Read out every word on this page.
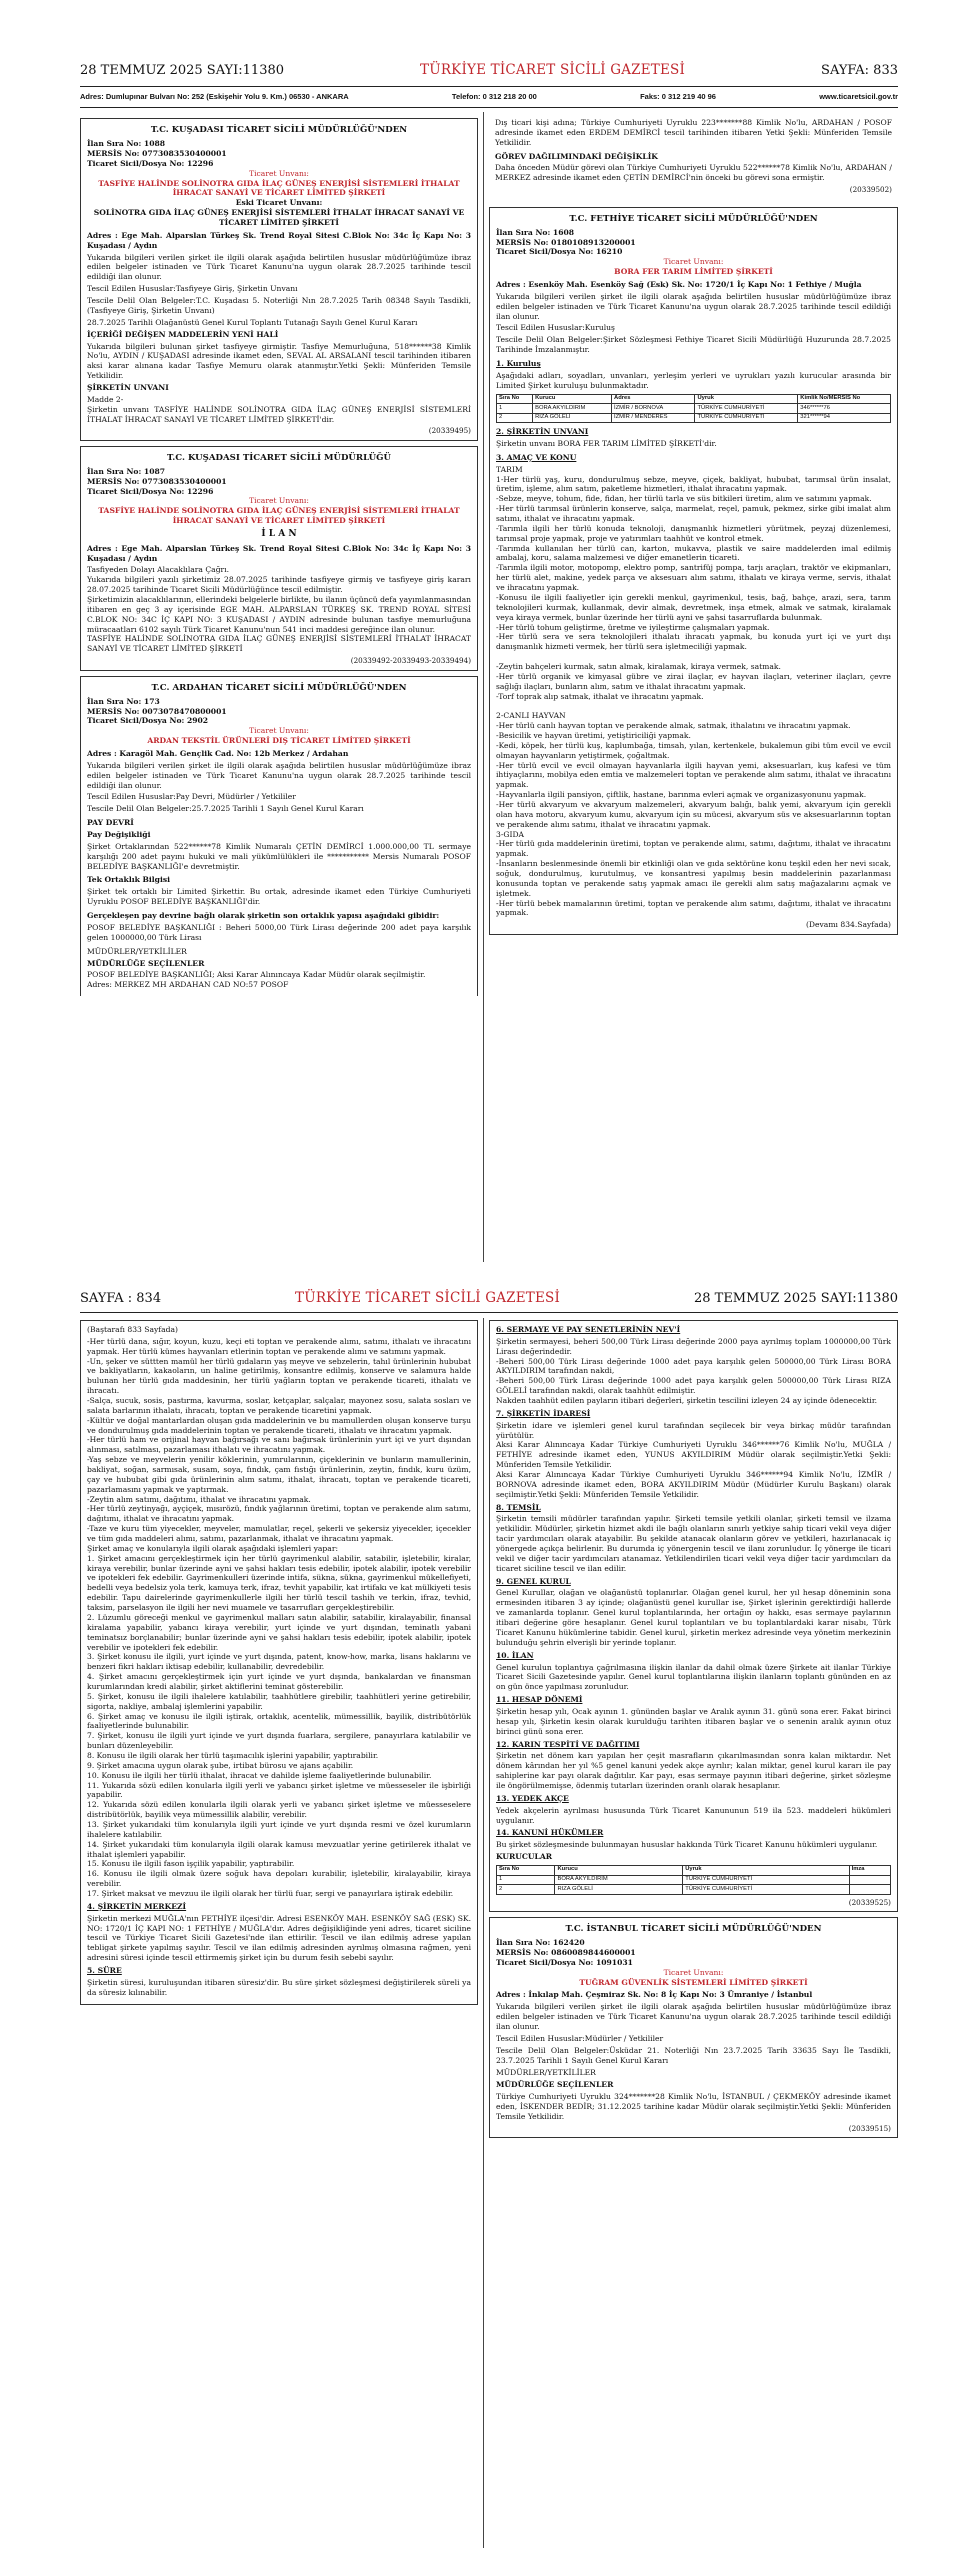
28 TEMMUZ 2025 SAYI:11380	TÜRKİYE TİCARET SİCİLİ GAZETESİ	SAYFA: 833
Adres: Dumlupınar Bulvarı No: 252 (Eskişehir Yolu 9. Km.) 06530 - ANKARA	Telefon: 0 312 218 20 00	Faks: 0 312 219 40 96	www.ticaretsicil.gov.tr
T.C. KUŞADASI TİCARET SİCİLİ MÜDÜRLÜĞÜ'NDEN
İlan Sıra No: 1088
MERSİS No: 0773083530400001
Ticaret Sicil/Dosya No: 12296
Ticaret Unvanı:
TASFİYE HALİNDE SOLİNOTRA GIDA İLAÇ GÜNEŞ ENERJİSİ SİSTEMLERİ İTHALAT İHRACAT SANAYİ VE TİCARET LİMİTED ŞİRKETİ
Eski Ticaret Unvanı:
SOLİNOTRA GIDA İLAÇ GÜNEŞ ENERJİSİ SİSTEMLERİ İTHALAT İHRACAT SANAYİ VE TİCARET LİMİTED ŞİRKETİ

Adres : Ege Mah. Alparslan Türkeş Sk. Trend Royal Sitesi C.Blok No: 34c İç Kapı No: 3 Kuşadası / Aydın

Yukarıda bilgileri verilen şirket ile ilgili olarak aşağıda belirtilen hususlar müdürlüğümüze ibraz edilen belgeler istinaden ve Türk Ticaret Kanunu'na uygun olarak 28.7.2025 tarihinde tescil edildiği ilan olunur.

Tescil Edilen Hususlar:Tasfiyeye Giriş, Şirketin Unvanı

Tescile Delil Olan Belgeler:T.C. Kuşadası 5. Noterliği Nın 28.7.2025 Tarih 08348 Sayılı Tasdikli, (Tasfiyeye Giriş, Şirketin Unvanı)

28.7.2025 Tarihli Olağanüstü Genel Kurul Toplantı Tutanağı Sayılı Genel Kurul Kararı

İÇERİĞİ DEĞİŞEN MADDELERİN YENİ HALİ

Yukarıda bilgileri bulunan şirket tasfiyeye girmiştir. Tasfiye Memurluğuna, 518******38 Kimlik No'lu, AYDIN / KUŞADASI adresinde ikamet eden, SEVAL AL ARSALANI tescil tarihinden itibaren aksi karar alınana kadar Tasfiye Memuru olarak atanmıştır.Yetki Şekli: Münferiden Temsile Yetkilidir.

ŞİRKETİN UNVANI

Madde 2-
Şirketin unvanı TASFİYE HALİNDE SOLİNOTRA GIDA İLAÇ GÜNEŞ ENERJİSİ SİSTEMLERİ İTHALAT İHRACAT SANAYİ VE TİCARET LİMİTED ŞİRKETİ'dir.

(20339495)
T.C. KUŞADASI TİCARET SİCİLİ MÜDÜRLÜĞÜ
İlan Sıra No: 1087
MERSİS No: 0773083530400001
Ticaret Sicil/Dosya No: 12296
Ticaret Unvanı:
TASFİYE HALİNDE SOLİNOTRA GIDA İLAÇ GÜNEŞ ENERJİSİ SİSTEMLERİ İTHALAT İHRACAT SANAYİ VE TİCARET LİMİTED ŞİRKETİ
İ L A N

Adres : Ege Mah. Alparslan Türkeş Sk. Trend Royal Sitesi C.Blok No: 34c İç Kapı No: 3 Kuşadası / Aydın

Tasfiyeden Dolayı Alacaklılara Çağrı.
Yukarıda bilgileri yazılı şirketimiz 28.07.2025 tarihinde tasfiyeye girmiş ve tasfiyeye giriş kararı 28.07.2025 tarihinde Ticaret Sicili Müdürlüğünce tescil edilmiştir.
Şirketimizin alacaklılarının, ellerindeki belgelerle birlikte, bu ilanın üçüncü defa yayımlanmasından itibaren en geç 3 ay içerisinde EGE MAH. ALPARSLAN TÜRKEŞ SK. TREND ROYAL SİTESİ C.BLOK NO: 34C İÇ KAPI NO: 3 KUŞADASI / AYDIN adresinde bulunan tasfiye memurluğuna müracaatları 6102 sayılı Türk Ticaret Kanunu'nun 541 inci maddesi gereğince ilan olunur.
TASFİYE HALİNDE SOLİNOTRA GIDA İLAÇ GÜNEŞ ENERJİSİ SİSTEMLERİ İTHALAT İHRACAT SANAYİ VE TİCARET LİMİTED ŞİRKETİ

(20339492-20339493-20339494)
T.C. ARDAHAN TİCARET SİCİLİ MÜDÜRLÜĞÜ'NDEN
İlan Sıra No: 173
MERSİS No: 0073078470800001
Ticaret Sicil/Dosya No: 2902
Ticaret Unvanı:
ARDAN TEKSTİL ÜRÜNLERİ DIŞ TİCARET LİMİTED ŞİRKETİ

Adres : Karagöl Mah. Gençlik Cad. No: 12b Merkez / Ardahan

Yukarıda bilgileri verilen şirket ile ilgili olarak aşağıda belirtilen hususlar müdürlüğümüze ibraz edilen belgeler istinaden ve Türk Ticaret Kanunu'na uygun olarak 28.7.2025 tarihinde tescil edildiği ilan olunur.

Tescil Edilen Hususlar:Pay Devri, Müdürler / Yetkililer

Tescile Delil Olan Belgeler:25.7.2025 Tarihli 1 Sayılı Genel Kurul Kararı

PAY DEVRİ

Pay Değişikliği

Şirket Ortaklarından 522******78 Kimlik Numaralı ÇETİN DEMİRCİ 1.000.000,00 TL sermaye karşılığı 200 adet payını hukuki ve mali yükümlülükleri ile *********** Mersis Numaralı POSOF BELEDİYE BAŞKANLIĞI'e devretmiştir.

Tek Ortaklık Bilgisi

Şirket tek ortaklı bir Limited Şirkettir. Bu ortak, adresinde ikamet eden Türkiye Cumhuriyeti Uyruklu POSOF BELEDİYE BAŞKANLIĞI'dir.

Gerçekleşen pay devrine bağlı olarak şirketin son ortaklık yapısı aşağıdaki gibidir:

POSOF BELEDİYE BAŞKANLIĞI : Beheri 5000,00 Türk Lirası değerinde 200 adet paya karşılık gelen 1000000,00 Türk Lirası

MÜDÜRLER/YETKİLİLER

MÜDÜRLÜĞE SEÇİLENLER

POSOF BELEDİYE BAŞKANLIĞI; Aksi Karar Alınıncaya Kadar Müdür olarak seçilmiştir.
Adres: MERKEZ MH ARDAHAN CAD NO:57 POSOF

Dış ticari kişi adına; Türkiye Cumhuriyeti Uyruklu 223*******88 Kimlik No'lu, ARDAHAN / POSOF adresinde ikamet eden ERDEM DEMİRCİ tescil tarihinden itibaren Yetki Şekli: Münferiden Temsile Yetkilidir.

GÖREV DAĞILIMINDAKİ DEĞİŞİKLİK

Daha önceden Müdür görevi olan Türkiye Cumhuriyeti Uyruklu 522******78 Kimlik No'lu, ARDAHAN / MERKEZ adresinde ikamet eden ÇETİN DEMİRCİ'nin önceki bu görevi sona ermiştir.

(20339502)
T.C. FETHİYE TİCARET SİCİLİ MÜDÜRLÜĞÜ'NDEN
İlan Sıra No: 1608
MERSİS No: 0180108913200001
Ticaret Sicil/Dosya No: 16210
Ticaret Unvanı:
BORA FER TARIM LİMİTED ŞİRKETİ

Adres : Esenköy Mah. Esenköy Sağ (Esk) Sk. No: 1720/1 İç Kapı No: 1 Fethiye / Muğla

Yukarıda bilgileri verilen şirket ile ilgili olarak aşağıda belirtilen hususlar müdürlüğümüze ibraz edilen belgeler istinaden ve Türk Ticaret Kanunu'na uygun olarak 28.7.2025 tarihinde tescil edildiği ilan olunur.

Tescil Edilen Hususlar:Kuruluş

Tescile Delil Olan Belgeler:Şirket Sözleşmesi Fethiye Ticaret Sicili Müdürlüğü Huzurunda 28.7.2025 Tarihinde İmzalanmıştır.

1. Kuruluş

Aşağıdaki adları, soyadları, unvanları, yerleşim yerleri ve uyrukları yazılı kurucular arasında bir Limited Şirket kuruluşu bulunmaktadır.

Sıra No	Kurucu	Adres	Uyruk	Kimlik No/MERSİS No
1	BORA AKYILDIRIM	İZMİR / BORNOVA	TÜRKİYE CUMHURİYETİ	346******76
2	RIZA GÖLELİ	İZMİR / MENDERES	TÜRKİYE CUMHURİYETİ	321******94

2. ŞİRKETİN UNVANI

Şirketin unvanı BORA FER TARIM LİMİTED ŞİRKETİ'dir.

3. AMAÇ VE KONU

TARIM
1-Her türlü yaş, kuru, dondurulmuş sebze, meyve, çiçek, bakliyat, hububat, tarımsal ürün insalat, üretim, işleme, alım satım, paketleme hizmetleri, ithalat ihracatını yapmak.
-Sebze, meyve, tohum, fide, fidan, her türlü tarla ve süs bitkileri üretim, alım ve satımını yapmak.
-Her türlü tarımsal ürünlerin konserve, salça, marmelat, reçel, pamuk, pekmez, sirke gibi imalat alım satımı, ithalat ve ihracatını yapmak.
-Tarımla ilgili her türlü konuda teknoloji, danışmanlık hizmetleri yürütmek, peyzaj düzenlemesi, tarımsal proje yapmak, proje ve yatırımları taahhüt ve kontrol etmek.
-Tarımda kullanılan her türlü can, karton, mukavva, plastik ve saire maddelerden imal edilmiş ambalaj, koru, salama malzemesi ve diğer emanetlerin ticareti.
-Tarımla ilgili motor, motopomp, elektro pomp, santrifüj pompa, tarjı araçları, traktör ve ekipmanları, her türlü alet, makine, yedek parça ve aksesuarı alım satımı, ithalatı ve kiraya verme, servis, ithalat ve ihracatını yapmak.
-Konusu ile ilgili faaliyetler için gerekli menkul, gayrimenkul, tesis, bağ, bahçe, arazi, sera, tarım teknolojileri kurmak, kullanmak, devir almak, devretmek, inşa etmek, almak ve satmak, kiralamak veya kiraya vermek, bunlar üzerinde her türlü ayni ve şahsi tasarruflarda bulunmak.
-Her türlü tohum geliştirme, üretme ve iyileştirme çalışmaları yapmak.
-Her türlü sera ve sera teknolojileri ithalatı ihracatı yapmak, bu konuda yurt içi ve yurt dışı danışmanlık hizmeti vermek, her türlü sera işletmeciliği yapmak.

-Zeytin bahçeleri kurmak, satın almak, kiralamak, kiraya vermek, satmak.
-Her türlü organik ve kimyasal gübre ve zirai ilaçlar, ev hayvan ilaçları, veteriner ilaçları, çevre sağlığı ilaçları, bunların alım, satım ve ithalat ihracatını yapmak.
-Torf toprak alıp satmak, ithalat ve ihracatını yapmak.

2-CANLI HAYVAN
-Her türlü canlı hayvan toptan ve perakende almak, satmak, ithalatını ve ihracatını yapmak.
-Besicilik ve hayvan üretimi, yetiştiriciliği yapmak.
-Kedi, köpek, her türlü kuş, kaplumbağa, timsah, yılan, kertenkele, bukalemun gibi tüm evcil ve evcil olmayan hayvanların yetiştirmek, çoğaltmak.
-Her türlü evcil ve evcil olmayan hayvanlarla ilgili hayvan yemi, aksesuarları, kuş kafesi ve tüm ihtiyaçlarını, mobilya eden emtia ve malzemeleri toptan ve perakende alım satımı, ithalat ve ihracatını yapmak.
-Hayvanlarla ilgili pansiyon, çiftlik, hastane, barınma evleri açmak ve organizasyonunu yapmak.
-Her türlü akvaryum ve akvaryum malzemeleri, akvaryum balığı, balık yemi, akvaryum için gerekli olan hava motoru, akvaryum kumu, akvaryum için su mücesi, akvaryum süs ve aksesuarlarının toptan ve perakende alımı satımı, ithalat ve ihracatını yapmak.
3-GIDA
-Her türlü gıda maddelerinin üretimi, toptan ve perakende alımı, satımı, dağıtımı, ithalat ve ihracatını yapmak.
-İnsanların beslenmesinde önemli bir etkinliği olan ve gıda sektörüne konu teşkil eden her nevi sıcak, soğuk, dondurulmuş, kurutulmuş, ve konsantresi yapılmış besin maddelerinin pazarlanması konusunda toptan ve perakende satış yapmak amacı ile gerekli alım satış mağazalarını açmak ve işletmek.
-Her türlü bebek mamalarının üretimi, toptan ve perakende alım satımı, dağıtımı, ithalat ve ihracatını yapmak.

(Devamı 834.Sayfada)
SAYFA : 834	TÜRKİYE TİCARET SİCİLİ GAZETESİ	28 TEMMUZ 2025 SAYI:11380

(Baştarafı 833 Sayfada)

-Her türlü dana, sığır, koyun, kuzu, keçi eti toptan ve perakende alımı, satımı, ithalatı ve ihracatını yapmak. Her türlü kümes hayvanları etlerinin toptan ve perakende alımı ve satımını yapmak.
-Un, şeker ve süttten mamül her türlü gıdaların yaş meyve ve sebzelerin, tahıl ürünlerinin hububat ve bakliyatların, kakaoların, un haline getirilmiş, konsantre edilmiş, konserve ve salamura halde bulunan her türlü gıda maddesinin, her türlü yağların toptan ve perakende ticareti, ithalatı ve ihracatı.
-Salça, sucuk, sosis, pastırma, kavurma, soslar, ketçaplar, salçalar, mayonez sosu, salata sosları ve salata barlarının ithalatı, ihracatı, toptan ve perakende ticaretini yapmak.
-Kültür ve doğal mantarlardan oluşan gıda maddelerinin ve bu mamullerden oluşan konserve turşu ve dondurulmuş gıda maddelerinin toptan ve perakende ticareti, ithalatı ve ihracatını yapmak.
-Her türlü ham ve orijinal hayvan bağırsağı ve sanı bağırsak ürünlerinin yurt içi ve yurt dışından alınması, satılması, pazarlaması ithalatı ve ihracatını yapmak.
-Yaş sebze ve meyvelerin yenilir köklerinin, yumrularının, çiçeklerinin ve bunların mamullerinin, bakliyat, soğan, sarmısak, susam, soya, fındık, çam fıstığı ürünlerinin, zeytin, fındık, kuru üzüm, çay ve hububat gibi gıda ürünlerinin alım satımı, ithalat, ihracatı, toptan ve perakende ticareti, pazarlamasını yapmak ve yaptırmak.
-Zeytin alım satımı, dağıtımı, ithalat ve ihracatını yapmak.
-Her türlü zeytinyağı, ayçiçek, mısırözü, fındık yağlarının üretimi, toptan ve perakende alım satımı, dağıtımı, ithalat ve ihracatını yapmak.
-Taze ve kuru tüm yiyecekler, meyveler, mamulatlar, reçel, şekerli ve şekersiz yiyecekler, içecekler ve tüm gıda maddeleri alımı, satımı, pazarlanmak, ithalat ve ihracatını yapmak.
Şirket amaç ve konularıyla ilgili olarak aşağıdaki işlemleri yapar:
1. Şirket amacını gerçekleştirmek için her türlü gayrimenkul alabilir, satabilir, işletebilir, kiralar, kiraya verebilir, bunlar üzerinde ayni ve şahsi hakları tesis edebilir, ipotek alabilir, ipotek verebilir ve ipotekleri fek edebilir. Gayrimenkulleri üzerinde intifa, süknа, sükna, gayrimenkul mükellefiyeti, bedelli veya bedelsiz yola terk, kamuya terk, ifraz, tevhit yapabilir, kat irtifakı ve kat mülkiyeti tesis edebilir. Tapu dairelerinde gayrimenkullerle ilgili her türlü tescil tashih ve terkin, ifraz, tevhid, taksim, parselasyon ile ilgili her nevi muamele ve tasarrufları gerçekleştirebilir.
2. Lüzumlu göreceği menkul ve gayrimenkul malları satın alabilir, satabilir, kiralayabilir, finansal kiralama yapabilir, yabancı kiraya verebilir, yurt içinde ve yurt dışından, teminatlı yabani teminatsız borçlanabilir; bunlar üzerinde ayni ve şahsi hakları tesis edebilir, ipotek alabilir, ipotek verebilir ve ipotekleri fek edebilir.
3. Şirket konusu ile ilgili, yurt içinde ve yurt dışında, patent, know-how, marka, lisans haklarını ve benzeri fikri hakları iktisap edebilir, kullanabilir, devredebilir.
4. Şirket amacını gerçekleştirmek için yurt içinde ve yurt dışında, bankalardan ve finansman kurumlarından kredi alabilir, şirket aktiflerini teminat gösterebilir.
5. Şirket, konusu ile ilgili ihalelere katılabilir, taahhütlere girebilir, taahhütleri yerine getirebilir, sigorta, nakliye, ambalaj işlemlerini yapabilir.
6. Şirket amaç ve konusu ile ilgili iştirak, ortaklık, acentelik, mümessillik, bayilik, distribütörlük faaliyetlerinde bulunabilir.
7. Şirket, konusu ile ilgili yurt içinde ve yurt dışında fuarlara, sergilere, panayırlara katılabilir ve bunları düzenleyebilir.
8. Konusu ile ilgili olarak her türlü taşımacılık işlerini yapabilir, yaptırabilir.
9. Şirket amacına uygun olarak şube, irtibat bürosu ve ajans açabilir.
10. Konusu ile ilgili her türlü ithalat, ihracat ve dahilde işleme faaliyetlerinde bulunabilir.
11. Yukarıda sözü edilen konularla ilgili yerli ve yabancı şirket işletme ve müesseseler ile işbirliği yapabilir.
12. Yukarıda sözü edilen konularla ilgili olarak yerli ve yabancı şirket işletme ve müesseselere distribütörlük, bayilik veya mümessillik alabilir, verebilir.
13. Şirket yukarıdaki tüm konularıyla ilgili yurt içinde ve yurt dışında resmi ve özel kurumların ihalelere katılabilir.
14. Şirket yukarıdaki tüm konularıyla ilgili olarak kamusı mevzuatlar yerine getirilerek ithalat ve ithalat işlemleri yapabilir.
15. Konusu ile ilgili fason işçilik yapabilir, yaptırabilir.
16. Konusu ile ilgili olmak üzere soğuk hava depoları kurabilir, işletebilir, kiralayabilir, kiraya verebilir.
17. Şirket maksat ve mevzuu ile ilgili olarak her türlü fuar, sergi ve panayırlara iştirak edebilir.

4. ŞİRKETİN MERKEZİ

Şirketin merkezi MUĞLA'nın FETHİYE ilçesi'dir. Adresi ESENKÖY MAH. ESENKÖY SAĞ (ESK) SK. NO: 1720/1 İÇ KAPI NO: 1 FETHİYE / MUĞLA'dır. Adres değişikliğinde yeni adres, ticaret siciline tescil ve Türkiye Ticaret Sicili Gazetesi'nde ilan ettirilir. Tescil ve ilan edilmiş adrese yapılan tebligat şirkete yapılmış sayılır. Tescil ve ilan edilmiş adresinden ayrılmış olmasına rağmen, yeni adresini süresi içinde tescil ettirmemiş şirket için bu durum fesih sebebi sayılır.

5. SÜRE

Şirketin süresi, kuruluşundan itibaren süresiz'dir. Bu süre şirket sözleşmesi değiştirilerek süreli ya da süresiz kılınabilir.

6. SERMAYE VE PAY SENETLERİNİN NEV'İ

Şirketin sermayesi, beheri 500,00 Türk Lirası değerinde 2000 paya ayrılmış toplam 1000000,00 Türk Lirası değerindedir.
-Beheri 500,00 Türk Lirası değerinde 1000 adet paya karşılık gelen 500000,00 Türk Lirası BORA AKYILDIRIM tarafından nakdi,
-Beheri 500,00 Türk Lirası değerinde 1000 adet paya karşılık gelen 500000,00 Türk Lirası RIZA GÖLELİ tarafından nakdi, olarak taahhüt edilmiştir.
Nakden taahhüt edilen payların itibari değerleri, şirketin tescilini izleyen 24 ay içinde ödenecektir.

7. ŞİRKETİN İDARESİ

Şirketin idare ve işlemleri genel kurul tarafından seçilecek bir veya birkaç müdür tarafından yürütülür.
Aksi Karar Alınıncaya Kadar Türkiye Cumhuriyeti Uyruklu 346******76 Kimlik No'lu, MUĞLA / FETHİYE adresinde ikamet eden, YUNUS AKYILDIRIM Müdür olarak seçilmiştir.Yetki Şekli: Münferiden Temsile Yetkilidir.
Aksi Karar Alınıncaya Kadar Türkiye Cumhuriyeti Uyruklu 346******94 Kimlik No'lu, İZMİR / BORNOVA adresinde ikamet eden, BORA AKYILDIRIM Müdür (Müdürler Kurulu Başkanı) olarak seçilmiştir.Yetki Şekli: Münferiden Temsile Yetkilidir.

8. TEMSİL

Şirketin temsili müdürler tarafından yapılır. Şirketi temsile yetkili olanlar, şirketi temsil ve ilzama yetkilidir. Müdürler, şirketin hizmet akdi ile bağlı olanların sınırlı yetkiye sahip ticari vekil veya diğer tacir yardımcıları olarak atayabilir. Bu şekilde atanacak olanların görev ve yetkileri, hazırlanacak iç yönergede açıkça belirlenir. Bu durumda iç yönergenin tescil ve ilanı zorunludur. İç yönerge ile ticari vekil ve diğer tacir yardımcıları atanamaz. Yetkilendirilen ticari vekil veya diğer tacir yardımcıları da ticaret siciline tescil ve ilan edilir.

9. GENEL KURUL

Genel Kurullar, olağan ve olağanüstü toplanırlar. Olağan genel kurul, her yıl hesap döneminin sona ermesinden itibaren 3 ay içinde; olağanüstü genel kurullar ise, Şirket işlerinin gerektirdiği hallerde ve zamanlarda toplanır. Genel kurul toplantılarında, her ortağın oy hakkı, esas sermaye paylarının itibari değerine göre hesaplanır. Genel kurul toplantıları ve bu toplantılardaki karar nisabı, Türk Ticaret Kanunu hükümlerine tabidir. Genel kurul, şirketin merkez adresinde veya yönetim merkezinin bulunduğu şehrin elverişli bir yerinde toplanır.

10. İLAN

Genel kurulun toplantıya çağrılmasına ilişkin ilanlar da dahil olmak üzere Şirkete ait ilanlar Türkiye Ticaret Sicili Gazetesinde yapılır. Genel kurul toplantılarına ilişkin ilanların toplantı gününden en az on gün önce yapılması zorunludur.

11. HESAP DÖNEMİ

Şirketin hesap yılı, Ocak ayının 1. gününden başlar ve Aralık ayının 31. günü sona erer. Fakat birinci hesap yılı, Şirketin kesin olarak kurulduğu tarihten itibaren başlar ve o senenin aralık ayının otuz birinci günü sona erer.

12. KARIN TESPİTİ VE DAĞITIMI

Şirketin net dönem karı yapılan her çeşit masrafların çıkarılmasından sonra kalan miktardır. Net dönem kârından her yıl %5 genel kanuni yedek akçe ayrılır; kalan miktar, genel kurul kararı ile pay sahiplerine kar payı olarak dağıtılır. Kar payı, esas sermaye payının itibari değerine, şirket sözleşme ile öngörülmemişse, ödenmiş tutarları üzerinden oranlı olarak hesaplanır.

13. YEDEK AKÇE

Yedek akçelerin ayrılması hususunda Türk Ticaret Kanununun 519 ila 523. maddeleri hükümleri uygulanır.

14. KANUNİ HÜKÜMLER

Bu şirket sözleşmesinde bulunmayan hususlar hakkında Türk Ticaret Kanunu hükümleri uygulanır.

KURUCULAR

Sıra No	Kurucu	Uyruk	İmza
1	BORA AKYILDIRIM	TÜRKİYE CUMHURİYETİ	
2	RIZA GÖLELİ	TÜRKİYE CUMHURİYETİ	
(20339525)
T.C. İSTANBUL TİCARET SİCİLİ MÜDÜRLÜĞÜ'NDEN
İlan Sıra No: 162420
MERSİS No: 0860089844600001
Ticaret Sicil/Dosya No: 1091031
Ticaret Unvanı:
TUĞRAM GÜVENLİK SİSTEMLERİ LİMİTED ŞİRKETİ

Adres : İnkılap Mah. Çeşmiraz Sk. No: 8 İç Kapı No: 3 Ümraniye / İstanbul

Yukarıda bilgileri verilen şirket ile ilgili olarak aşağıda belirtilen hususlar müdürlüğümüze ibraz edilen belgeler istinaden ve Türk Ticaret Kanunu'na uygun olarak 28.7.2025 tarihinde tescil edildiği ilan olunur.

Tescil Edilen Hususlar:Müdürler / Yetkililer

Tescile Delil Olan Belgeler:Üsküdar 21. Noterliği Nın 23.7.2025 Tarih 33635 Sayı İle Tasdikli, 23.7.2025 Tarihli 1 Sayılı Genel Kurul Kararı

MÜDÜRLER/YETKİLİLER

MÜDÜRLÜĞE SEÇİLENLER

Türkiye Cumhuriyeti Uyruklu 324*******28 Kimlik No'lu, İSTANBUL / ÇEKMEKÖY adresinde ikamet eden, İSKENDER BEDİR; 31.12.2025 tarihine kadar Müdür olarak seçilmiştir.Yetki Şekli: Münferiden Temsile Yetkilidir.

(20339515)
